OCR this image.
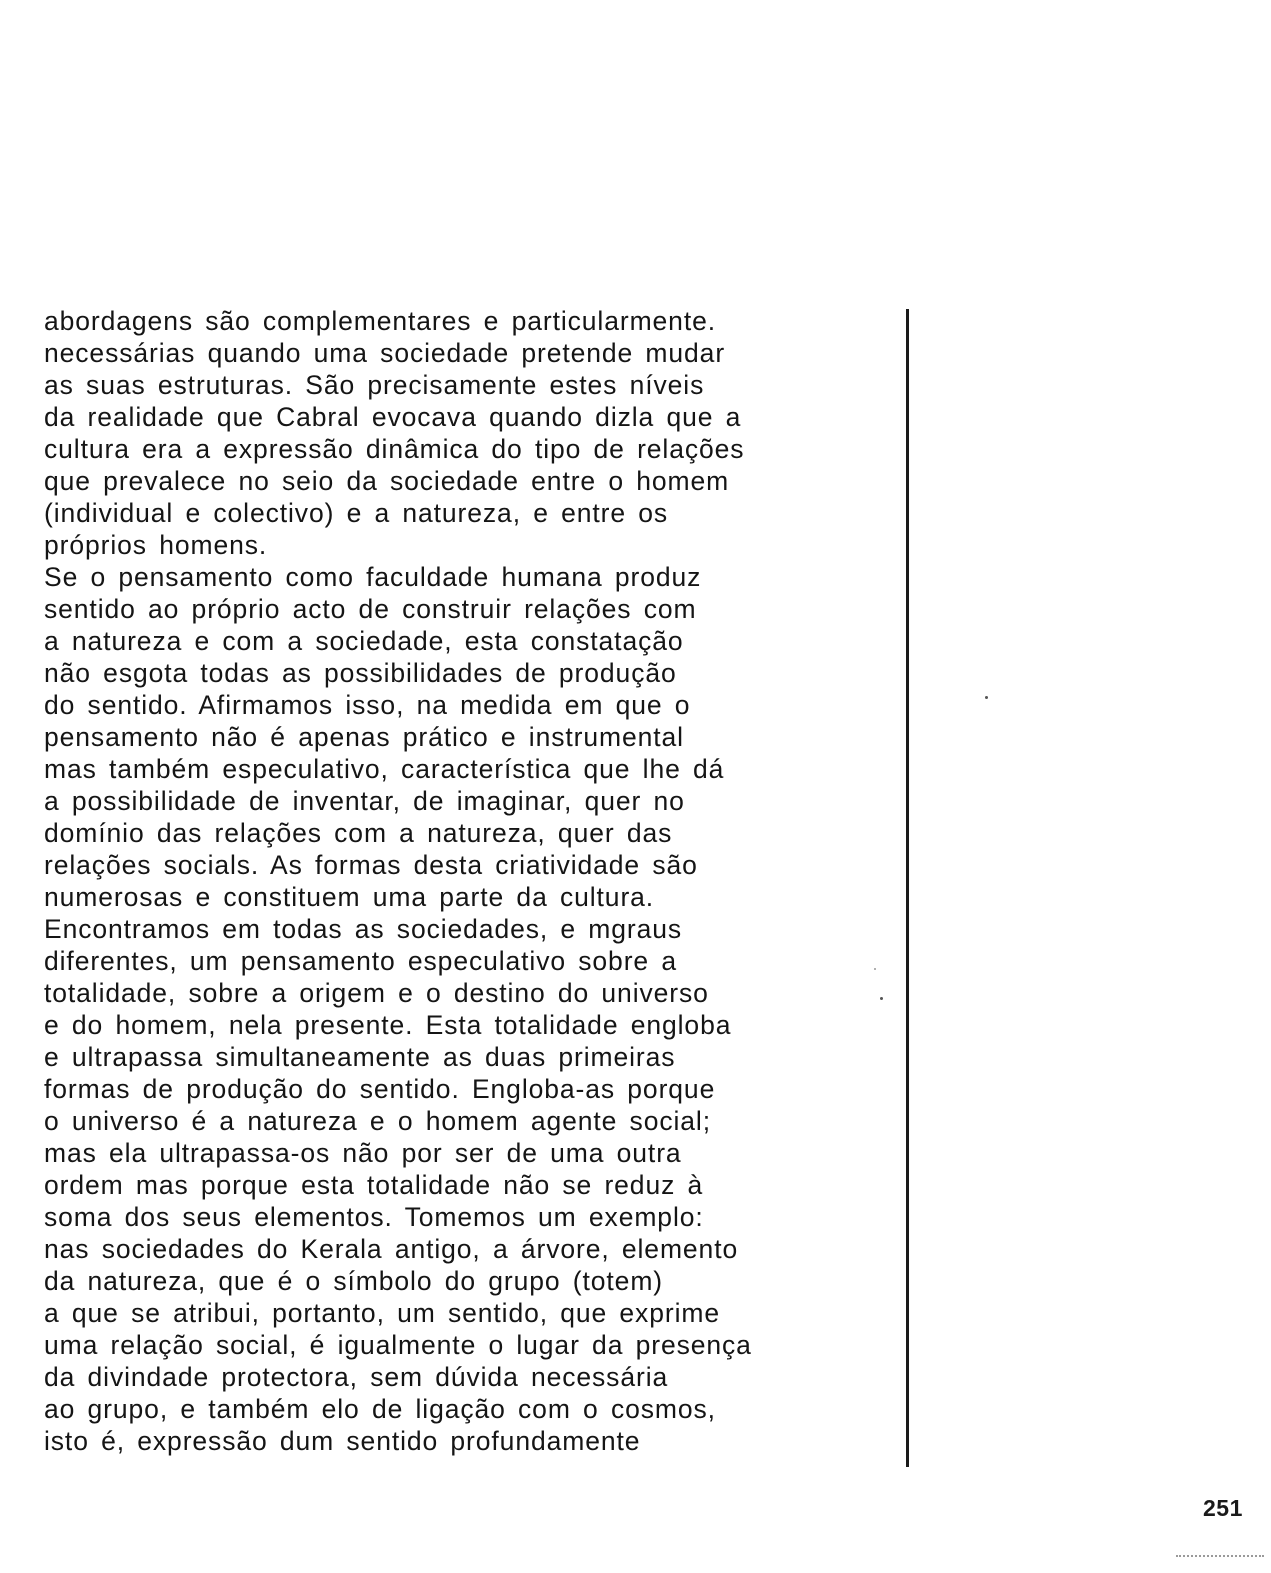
abordagens são complementares e particularmente.
necessárias quando uma sociedade pretende mudar
as suas estruturas. São precisamente estes níveis
da realidade que Cabral evocava quando dizla que a
cultura era a expressão dinâmica do tipo de relações
que prevalece no seio da sociedade entre o homem
(individual e colectivo) e a natureza, e entre os
próprios homens.
Se o pensamento como faculdade humana produz
sentido ao próprio acto de construir relações com
a natureza e com a sociedade, esta constatação
não esgota todas as possibilidades de produção
do sentido. Afirmamos isso, na medida em que o
pensamento não é apenas prático e instrumental
mas também especulativo, característica que lhe dá
a possibilidade de inventar, de imaginar, quer no
domínio das relações com a natureza, quer das
relações socials. As formas desta criatividade são
numerosas e constituem uma parte da cultura.
Encontramos em todas as sociedades, e mgraus
diferentes, um pensamento especulativo sobre a
totalidade, sobre a origem e o destino do universo
e do homem, nela presente. Esta totalidade engloba
e ultrapassa simultaneamente as duas primeiras
formas de produção do sentido. Engloba-as porque
o universo é a natureza e o homem agente social;
mas ela ultrapassa-os não por ser de uma outra
ordem mas porque esta totalidade não se reduz à
soma dos seus elementos. Tomemos um exemplo:
nas sociedades do Kerala antigo, a árvore, elemento
da natureza, que é o símbolo do grupo (totem)
a que se atribui, portanto, um sentido, que exprime
uma relação social, é igualmente o lugar da presença
da divindade protectora, sem dúvida necessária
ao grupo, e também elo de ligação com o cosmos,
isto é, expressão dum sentido profundamente
251
